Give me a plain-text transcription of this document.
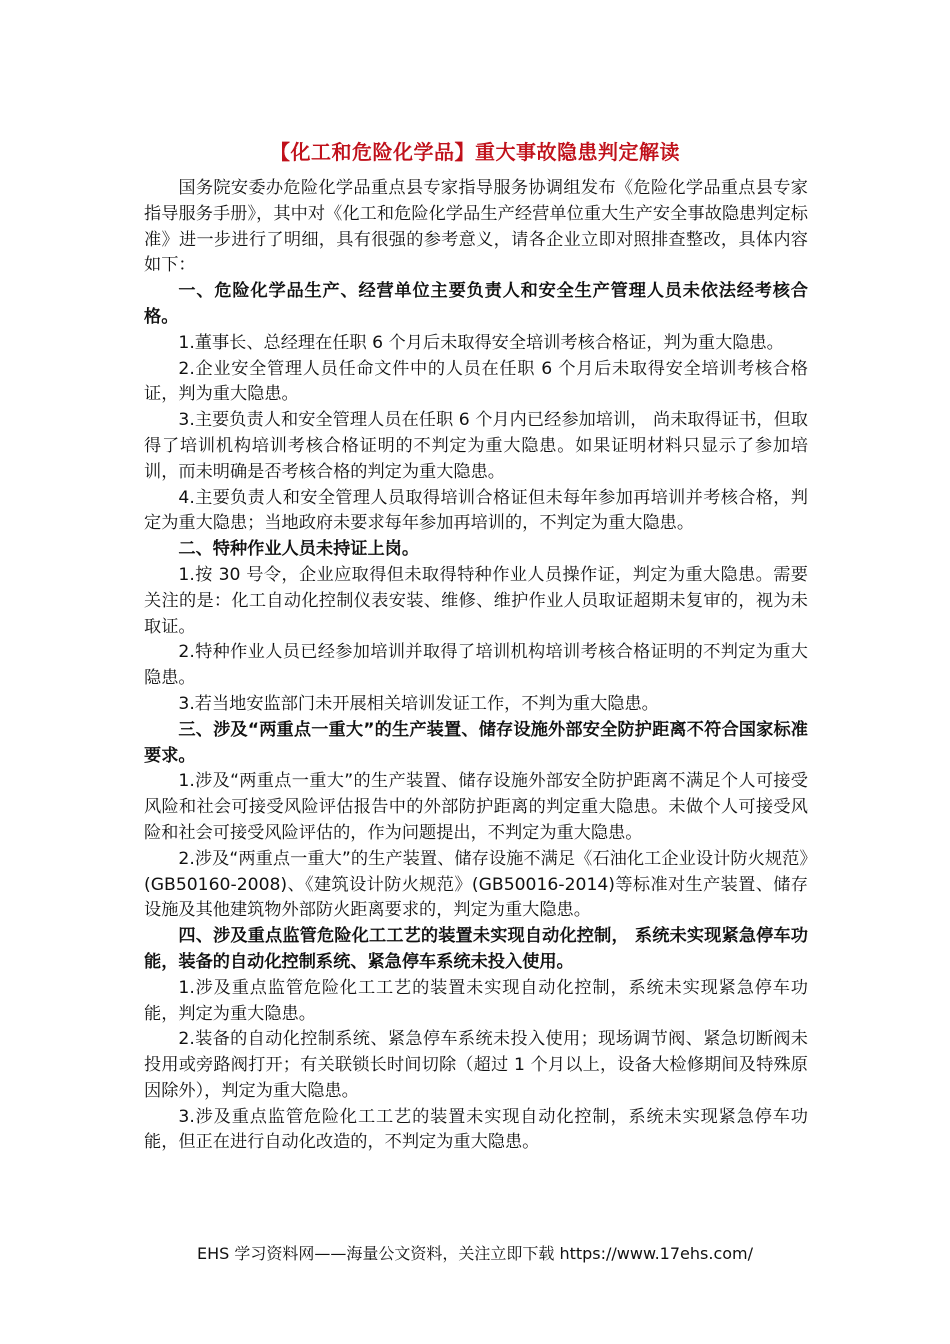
【化工和危险化学品】重大事故隐患判定解读

国务院安委办危险化学品重点县专家指导服务协调组发布《危险化学品重点县专家指导服务手册》，其中对《化工和危险化学品生产经营单位重大生产安全事故隐患判定标准》进一步进行了明细，具有很强的参考意义，请各企业立即对照排查整改，具体内容如下：

一、危险化学品生产、经营单位主要负责人和安全生产管理人员未依法经考核合格。

1.董事长、总经理在任职 6 个月后未取得安全培训考核合格证，判为重大隐患。

2.企业安全管理人员任命文件中的人员在任职 6 个月后未取得安全培训考核合格证，判为重大隐患。

3.主要负责人和安全管理人员在任职 6 个月内已经参加培训， 尚未取得证书，但取得了培训机构培训考核合格证明的不判定为重大隐患。如果证明材料只显示了参加培训，而未明确是否考核合格的判定为重大隐患。

4.主要负责人和安全管理人员取得培训合格证但未每年参加再培训并考核合格，判定为重大隐患；当地政府未要求每年参加再培训的，不判定为重大隐患。

二、特种作业人员未持证上岗。

1.按 30 号令，企业应取得但未取得特种作业人员操作证，判定为重大隐患。需要关注的是：化工自动化控制仪表安装、维修、维护作业人员取证超期未复审的，视为未取证。

2.特种作业人员已经参加培训并取得了培训机构培训考核合格证明的不判定为重大隐患。

3.若当地安监部门未开展相关培训发证工作，不判为重大隐患。

三、涉及“两重点一重大”的生产装置、储存设施外部安全防护距离不符合国家标准要求。

1.涉及“两重点一重大”的生产装置、储存设施外部安全防护距离不满足个人可接受风险和社会可接受风险评估报告中的外部防护距离的判定重大隐患。未做个人可接受风险和社会可接受风险评估的，作为问题提出，不判定为重大隐患。

2.涉及“两重点一重大”的生产装置、储存设施不满足《石油化工企业设计防火规范》(GB50160-2008)、《建筑设计防火规范》(GB50016-2014)等标准对生产装置、储存设施及其他建筑物外部防火距离要求的，判定为重大隐患。

四、涉及重点监管危险化工工艺的装置未实现自动化控制， 系统未实现紧急停车功能，装备的自动化控制系统、紧急停车系统未投入使用。

1.涉及重点监管危险化工工艺的装置未实现自动化控制，系统未实现紧急停车功能，判定为重大隐患。

2.装备的自动化控制系统、紧急停车系统未投入使用；现场调节阀、紧急切断阀未投用或旁路阀打开；有关联锁长时间切除（超过 1 个月以上，设备大检修期间及特殊原因除外），判定为重大隐患。

3.涉及重点监管危险化工工艺的装置未实现自动化控制，系统未实现紧急停车功能，但正在进行自动化改造的，不判定为重大隐患。

EHS 学习资料网——海量公文资料，关注立即下载 https://www.17ehs.com/
